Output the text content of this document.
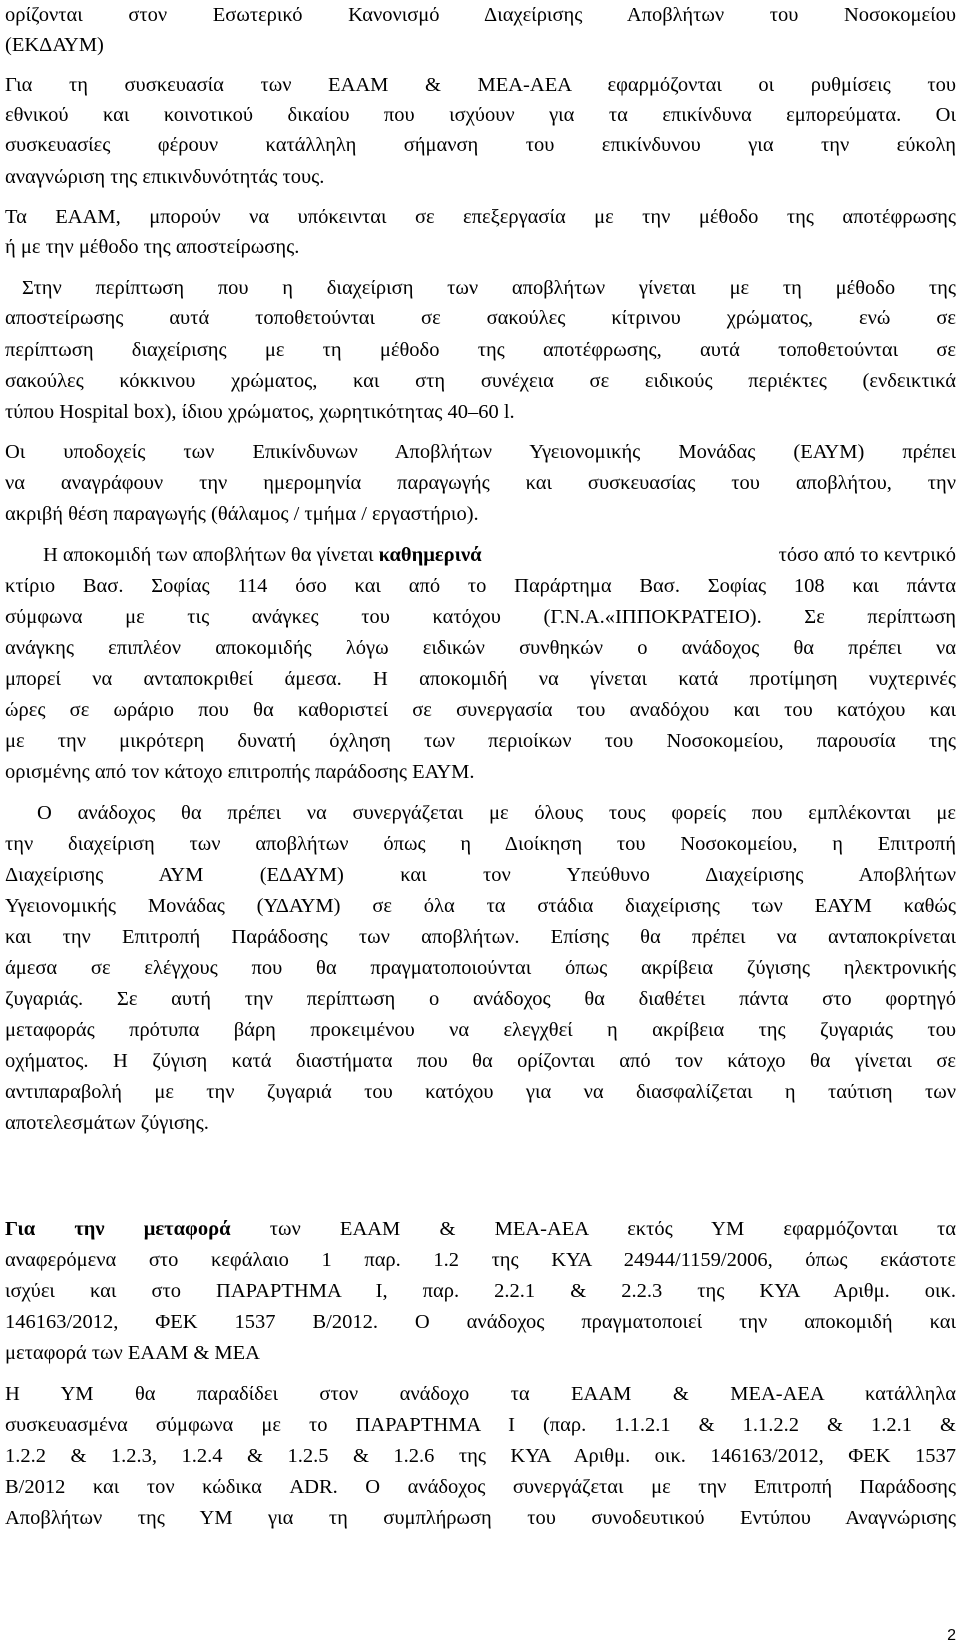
ορίζονται στον Εσωτερικό Κανονισμό Διαχείρισης Αποβλήτων του Νοσοκομείου
(ΕΚΔΑΥΜ)
Για τη συσκευασία των ΕΑΑΜ & ΜΕΑ-ΑΕΑ εφαρμόζονται οι ρυθμίσεις του
εθνικού και κοινοτικού δικαίου που ισχύουν για τα επικίνδυνα εμπορεύματα. Οι
συσκευασίες φέρουν κατάλληλη σήμανση του επικίνδυνου για την εύκολη
αναγνώριση της επικινδυνότητάς τους.
Τα ΕΑΑΜ, μπορούν να υπόκεινται σε επεξεργασία με την μέθοδο της αποτέφρωσης
ή με την μέθοδο της αποστείρωσης.
Στην περίπτωση που η διαχείριση των αποβλήτων γίνεται με τη μέθοδο της
αποστείρωσης αυτά τοποθετούνται σε σακούλες κίτρινου χρώματος, ενώ σε
περίπτωση διαχείρισης με τη μέθοδο της αποτέφρωσης, αυτά τοποθετούνται σε
σακούλες κόκκινου χρώματος, και στη συνέχεια σε ειδικούς περιέκτες (ενδεικτικά
τύπου Hospital box), ίδιου χρώματος, χωρητικότητας 40–60 l.
Οι υποδοχείς των Επικίνδυνων Αποβλήτων Υγειονομικής Μονάδας (ΕΑΥΜ) πρέπει
να αναγράφουν την ημερομηνία παραγωγής και συσκευασίας του αποβλήτου, την
ακριβή θέση παραγωγής (θάλαμος / τμήμα / εργαστήριο).
Η αποκομιδή των αποβλήτων θα γίνεται καθημερινά	τόσο από το κεντρικό
κτίριο Βασ. Σοφίας 114 όσο και από το Παράρτημα Βασ. Σοφίας 108 και πάντα
σύμφωνα με τις ανάγκες του κατόχου (Γ.Ν.Α.«ΙΠΠΟΚΡΑΤΕΙΟ). Σε περίπτωση
ανάγκης επιπλέον αποκομιδής λόγω ειδικών συνθηκών ο ανάδοχος θα πρέπει να
μπορεί να ανταποκριθεί άμεσα. Η αποκομιδή να γίνεται κατά προτίμηση νυχτερινές
ώρες σε ωράριο που θα καθοριστεί σε συνεργασία του αναδόχου και του κατόχου και
με την μικρότερη δυνατή όχληση των περιοίκων του Νοσοκομείου, παρουσία της
ορισμένης από τον κάτοχο επιτροπής παράδοσης ΕΑΥΜ.
Ο ανάδοχος θα πρέπει να συνεργάζεται με όλους τους φορείς που εμπλέκονται με
την διαχείριση των αποβλήτων όπως η Διοίκηση του Νοσοκομείου, η Επιτροπή
Διαχείρισης ΑΥΜ (ΕΔΑΥΜ) και τον Υπεύθυνο Διαχείρισης Αποβλήτων
Υγειονομικής Μονάδας (ΥΔΑΥΜ) σε όλα τα στάδια διαχείρισης των ΕΑΥΜ καθώς
και την Επιτροπή Παράδοσης των αποβλήτων. Επίσης θα πρέπει να ανταποκρίνεται
άμεσα σε ελέγχους που θα πραγματοποιούνται όπως ακρίβεια ζύγισης ηλεκτρονικής
ζυγαριάς. Σε αυτή την περίπτωση ο ανάδοχος θα διαθέτει πάντα στο φορτηγό
μεταφοράς πρότυπα βάρη προκειμένου να ελεγχθεί η ακρίβεια της ζυγαριάς του
οχήματος. Η ζύγιση κατά διαστήματα που θα ορίζονται από τον κάτοχο θα γίνεται σε
αντιπαραβολή με την ζυγαριά του κατόχου για να διασφαλίζεται η ταύτιση των
αποτελεσμάτων ζύγισης.
Για την μεταφορά των ΕΑΑΜ & ΜΕΑ-ΑΕΑ εκτός ΥΜ εφαρμόζονται τα
αναφερόμενα στο κεφάλαιο 1 παρ. 1.2 της ΚΥΑ 24944/1159/2006, όπως εκάστοτε
ισχύει και στο ΠΑΡΑΡΤΗΜΑ Ι, παρ. 2.2.1 & 2.2.3 της ΚΥΑ Αριθμ. οικ.
146163/2012, ΦΕΚ 1537 Β/2012. Ο ανάδοχος πραγματοποιεί την αποκομιδή και
μεταφορά των ΕΑΑΜ & ΜΕΑ
Η ΥΜ θα παραδίδει στον ανάδοχο τα ΕΑΑΜ & ΜΕΑ-ΑΕΑ κατάλληλα
συσκευασμένα σύμφωνα με το ΠΑΡΑΡΤΗΜΑ Ι (παρ. 1.1.2.1 & 1.1.2.2 & 1.2.1 &
1.2.2 & 1.2.3, 1.2.4 & 1.2.5 & 1.2.6 της ΚΥΑ Αριθμ. οικ. 146163/2012, ΦΕΚ 1537
Β/2012 και τον κώδικα ADR. Ο ανάδοχος συνεργάζεται με την Επιτροπή Παράδοσης
Αποβλήτων της ΥΜ για τη συμπλήρωση του συνοδευτικού Εντύπου Αναγνώρισης
2
